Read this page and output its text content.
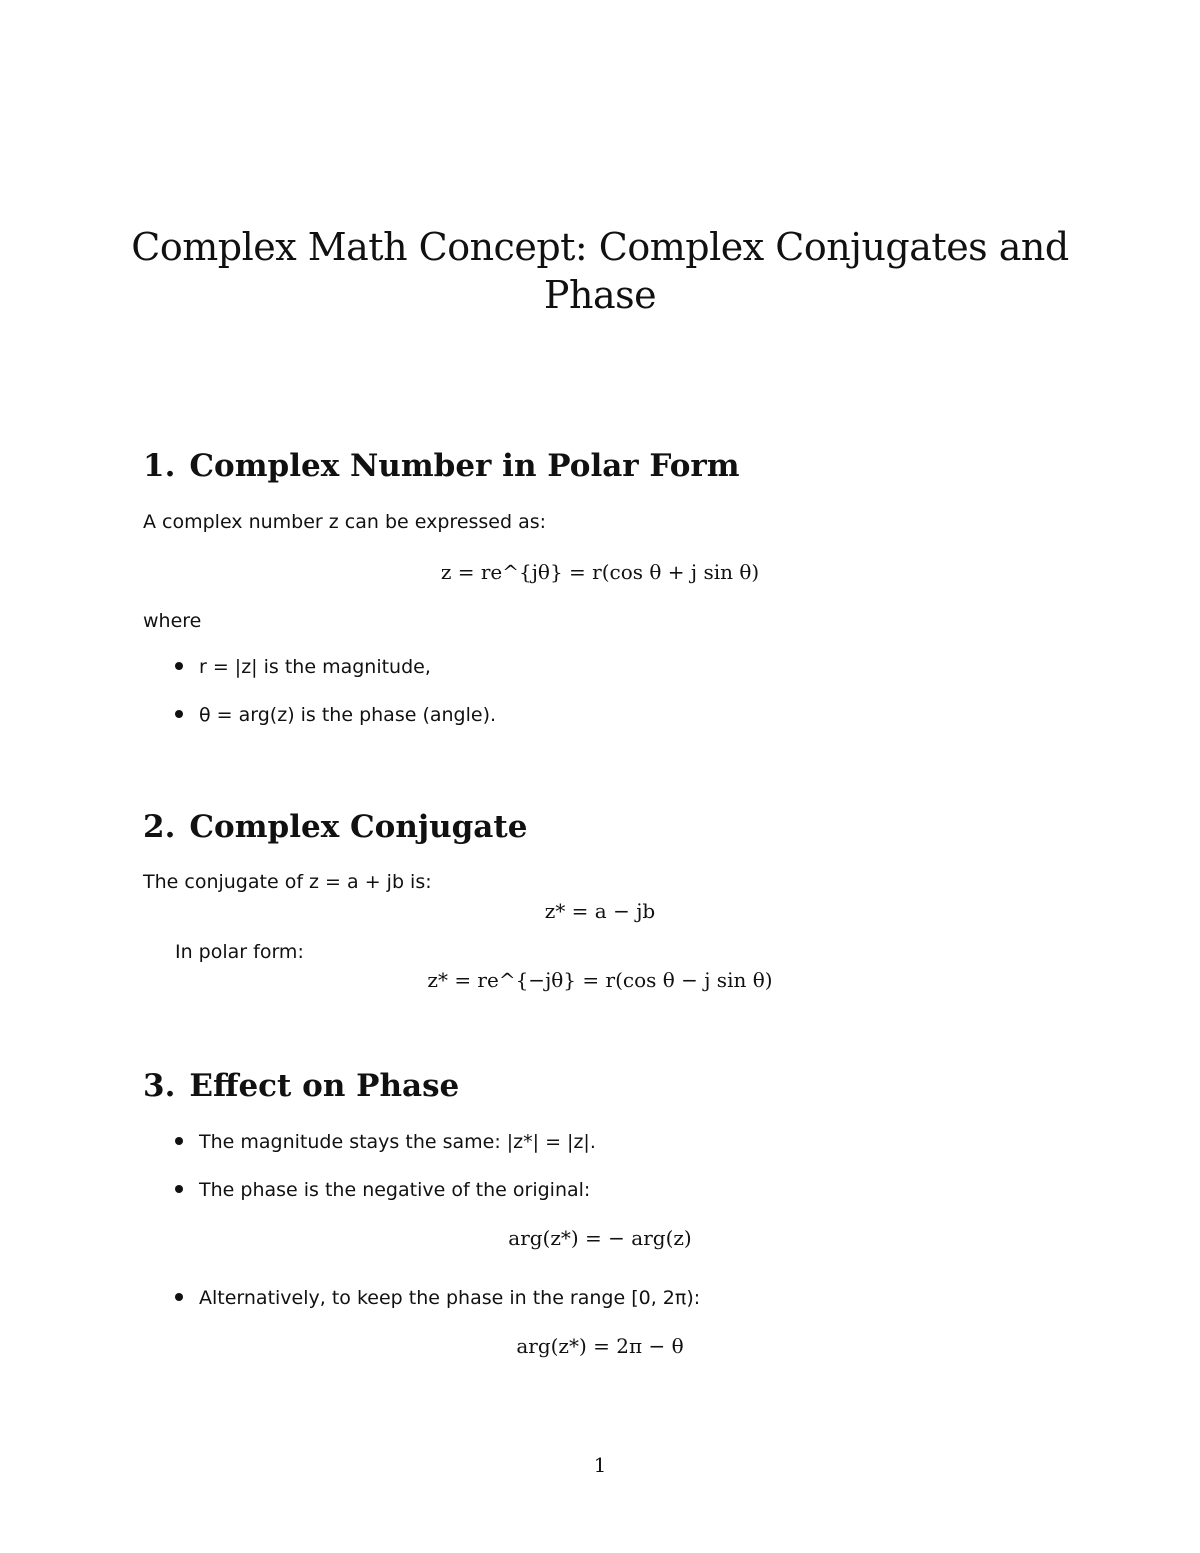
Complex Math Concept: Complex Conjugates and
Phase
1. Complex Number in Polar Form
A complex number z can be expressed as:
z = re^{jθ} = r(cos θ + j sin θ)
where
r = |z| is the magnitude,
θ = arg(z) is the phase (angle).
2. Complex Conjugate
The conjugate of z = a + jb is:
z* = a − jb
In polar form:
z* = re^{−jθ} = r(cos θ − j sin θ)
3. Effect on Phase
The magnitude stays the same: |z*| = |z|.
The phase is the negative of the original:
arg(z*) = − arg(z)
Alternatively, to keep the phase in the range [0, 2π):
arg(z*) = 2π − θ
1
